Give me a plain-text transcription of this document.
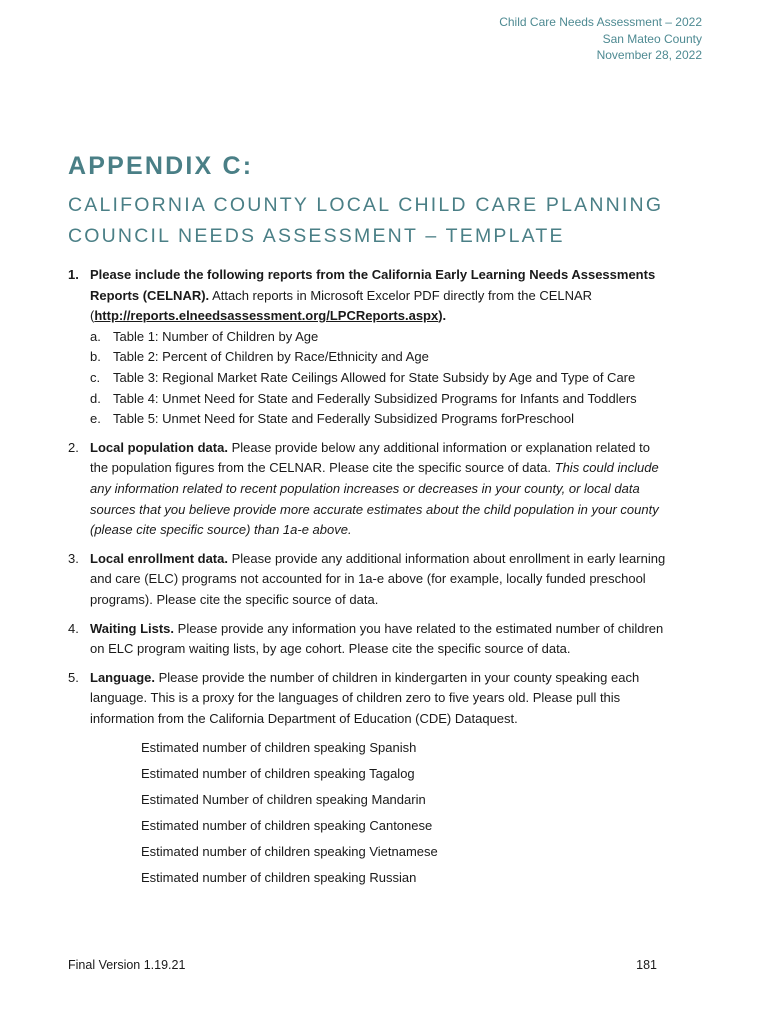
Child Care Needs Assessment – 2022
San Mateo County
November 28, 2022
APPENDIX C:
CALIFORNIA COUNTY LOCAL CHILD CARE PLANNING COUNCIL NEEDS ASSESSMENT – TEMPLATE
1. Please include the following reports from the California Early Learning Needs Assessments Reports (CELNAR). Attach reports in Microsoft Excelor PDF directly from the CELNAR (http://reports.elneedsassessment.org/LPCReports.aspx).
a. Table 1: Number of Children by Age
b. Table 2: Percent of Children by Race/Ethnicity and Age
c. Table 3: Regional Market Rate Ceilings Allowed for State Subsidy by Age and Type of Care
d. Table 4: Unmet Need for State and Federally Subsidized Programs for Infants and Toddlers
e. Table 5: Unmet Need for State and Federally Subsidized Programs forPreschool
2. Local population data. Please provide below any additional information or explanation related to the population figures from the CELNAR. Please cite the specific source of data. This could include any information related to recent population increases or decreases in your county, or local data sources that you believe provide more accurate estimates about the child population in your county (please cite specific source) than 1a-e above.
3. Local enrollment data. Please provide any additional information about enrollment in early learning and care (ELC) programs not accounted for in 1a-e above (for example, locally funded preschool programs). Please cite the specific source of data.
4. Waiting Lists. Please provide any information you have related to the estimated number of children on ELC program waiting lists, by age cohort. Please cite the specific source of data.
5. Language. Please provide the number of children in kindergarten in your county speaking each language. This is a proxy for the languages of children zero to five years old. Please pull this information from the California Department of Education (CDE) Dataquest.
Estimated number of children speaking Spanish
Estimated number of children speaking Tagalog
Estimated Number of children speaking Mandarin
Estimated number of children speaking Cantonese
Estimated number of children speaking Vietnamese
Estimated number of children speaking Russian
Final Version 1.19.21	181
